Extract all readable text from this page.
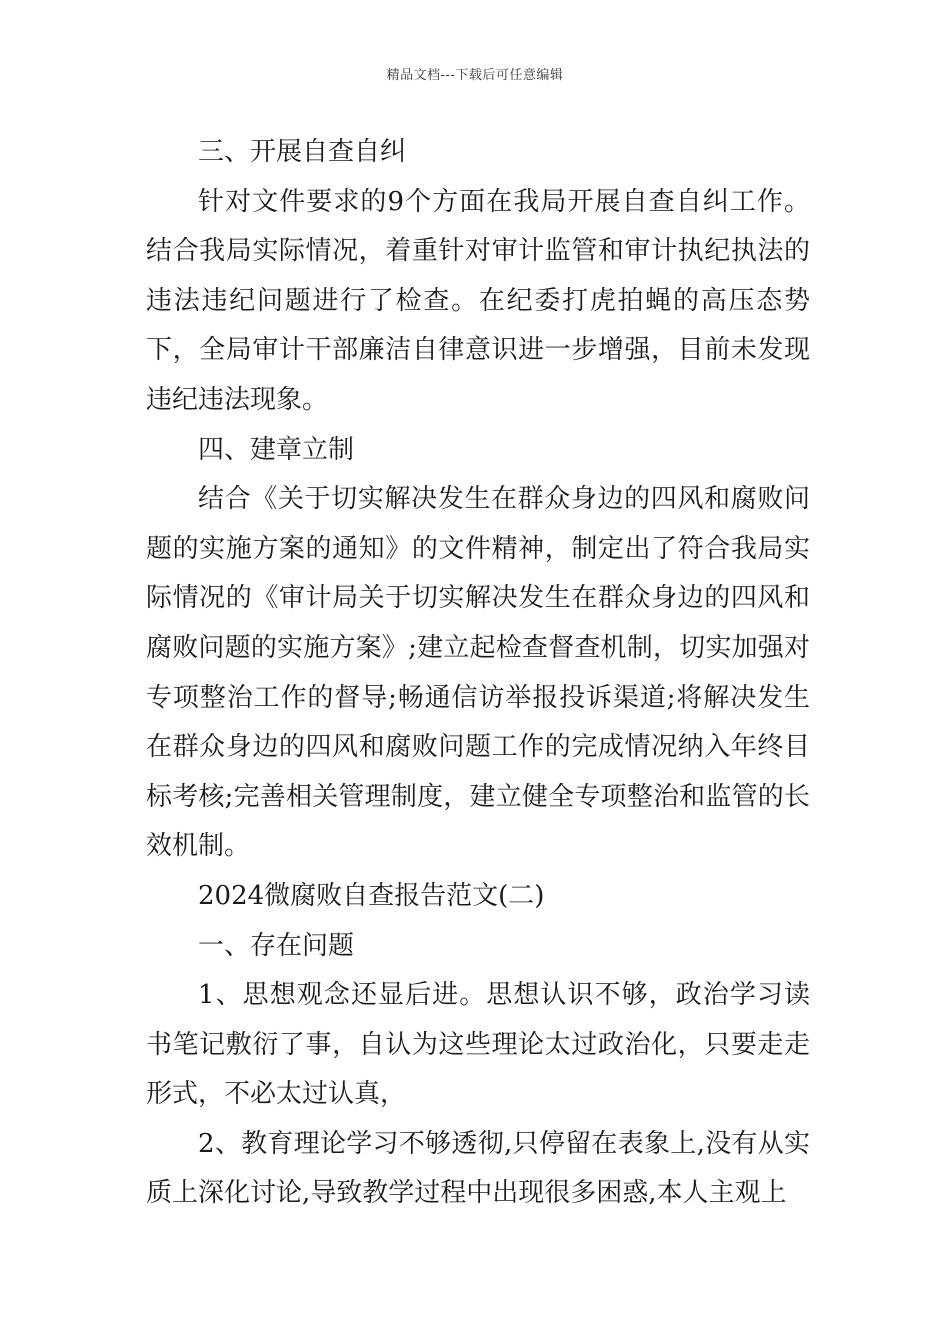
精品文档---下载后可任意编辑

三、开展自查自纠

针对文件要求的9个方面在我局开展自查自纠工作。结合我局实际情况，着重针对审计监管和审计执纪执法的违法违纪问题进行了检查。在纪委打虎拍蝇的高压态势下，全局审计干部廉洁自律意识进一步增强，目前未发现违纪违法现象。

四、建章立制

结合《关于切实解决发生在群众身边的四风和腐败问题的实施方案的通知》的文件精神，制定出了符合我局实际情况的《审计局关于切实解决发生在群众身边的四风和腐败问题的实施方案》;建立起检查督查机制，切实加强对专项整治工作的督导;畅通信访举报投诉渠道;将解决发生在群众身边的四风和腐败问题工作的完成情况纳入年终目标考核;完善相关管理制度，建立健全专项整治和监管的长效机制。

2024微腐败自查报告范文(二)

一、存在问题

1、思想观念还显后进。思想认识不够，政治学习读书笔记敷衍了事，自认为这些理论太过政治化，只要走走形式，不必太过认真，

2、教育理论学习不够透彻,只停留在表象上,没有从实质上深化讨论,导致教学过程中出现很多困惑,本人主观上
